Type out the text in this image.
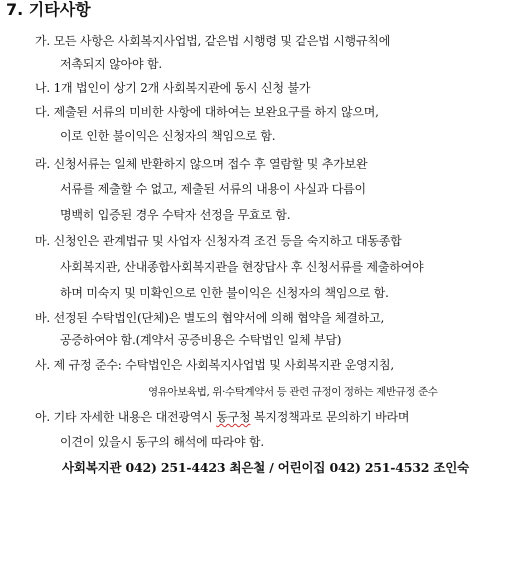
7. 기타사항
가. 모든 사항은 사회복지사업법, 같은법 시행령 및 같은법 시행규칙에
저촉되지 않아야 함.
나. 1개 법인이 상기 2개 사회복지관에 동시 신청 불가
다. 제출된 서류의 미비한 사항에 대하여는 보완요구를 하지 않으며,
이로 인한 불이익은 신청자의 책임으로 함.
라. 신청서류는 일체 반환하지 않으며 접수 후 열람할 및 추가보완
서류를 제출할 수 없고, 제출된 서류의 내용이 사실과 다름이
명백히 입증된 경우 수탁자 선정을 무효로 함.
마. 신청인은 관계법규 및 사업자 신청자격 조건 등을 숙지하고 대동종합
사회복지관, 산내종합사회복지관을 현장답사 후 신청서류를 제출하여야
하며 미숙지 및 미확인으로 인한 불이익은 신청자의 책임으로 함.
바. 선정된 수탁법인(단체)은 별도의 협약서에 의해 협약을 체결하고,
공증하여야 함.(계약서 공증비용은 수탁법인 일체 부담)
사. 제 규정 준수: 수탁법인은 사회복지사업법 및 사회복지관 운영지침,
영유아보육법, 위·수탁계약서 등 관련 규정이 정하는 제반규정 준수
아. 기타 자세한 내용은 대전광역시 동구청 복지정책과로 문의하기 바라며
이견이 있을시 동구의 해석에 따라야 함.
사회복지관 042) 251-4423 최은철 / 어린이집 042) 251-4532 조인숙
